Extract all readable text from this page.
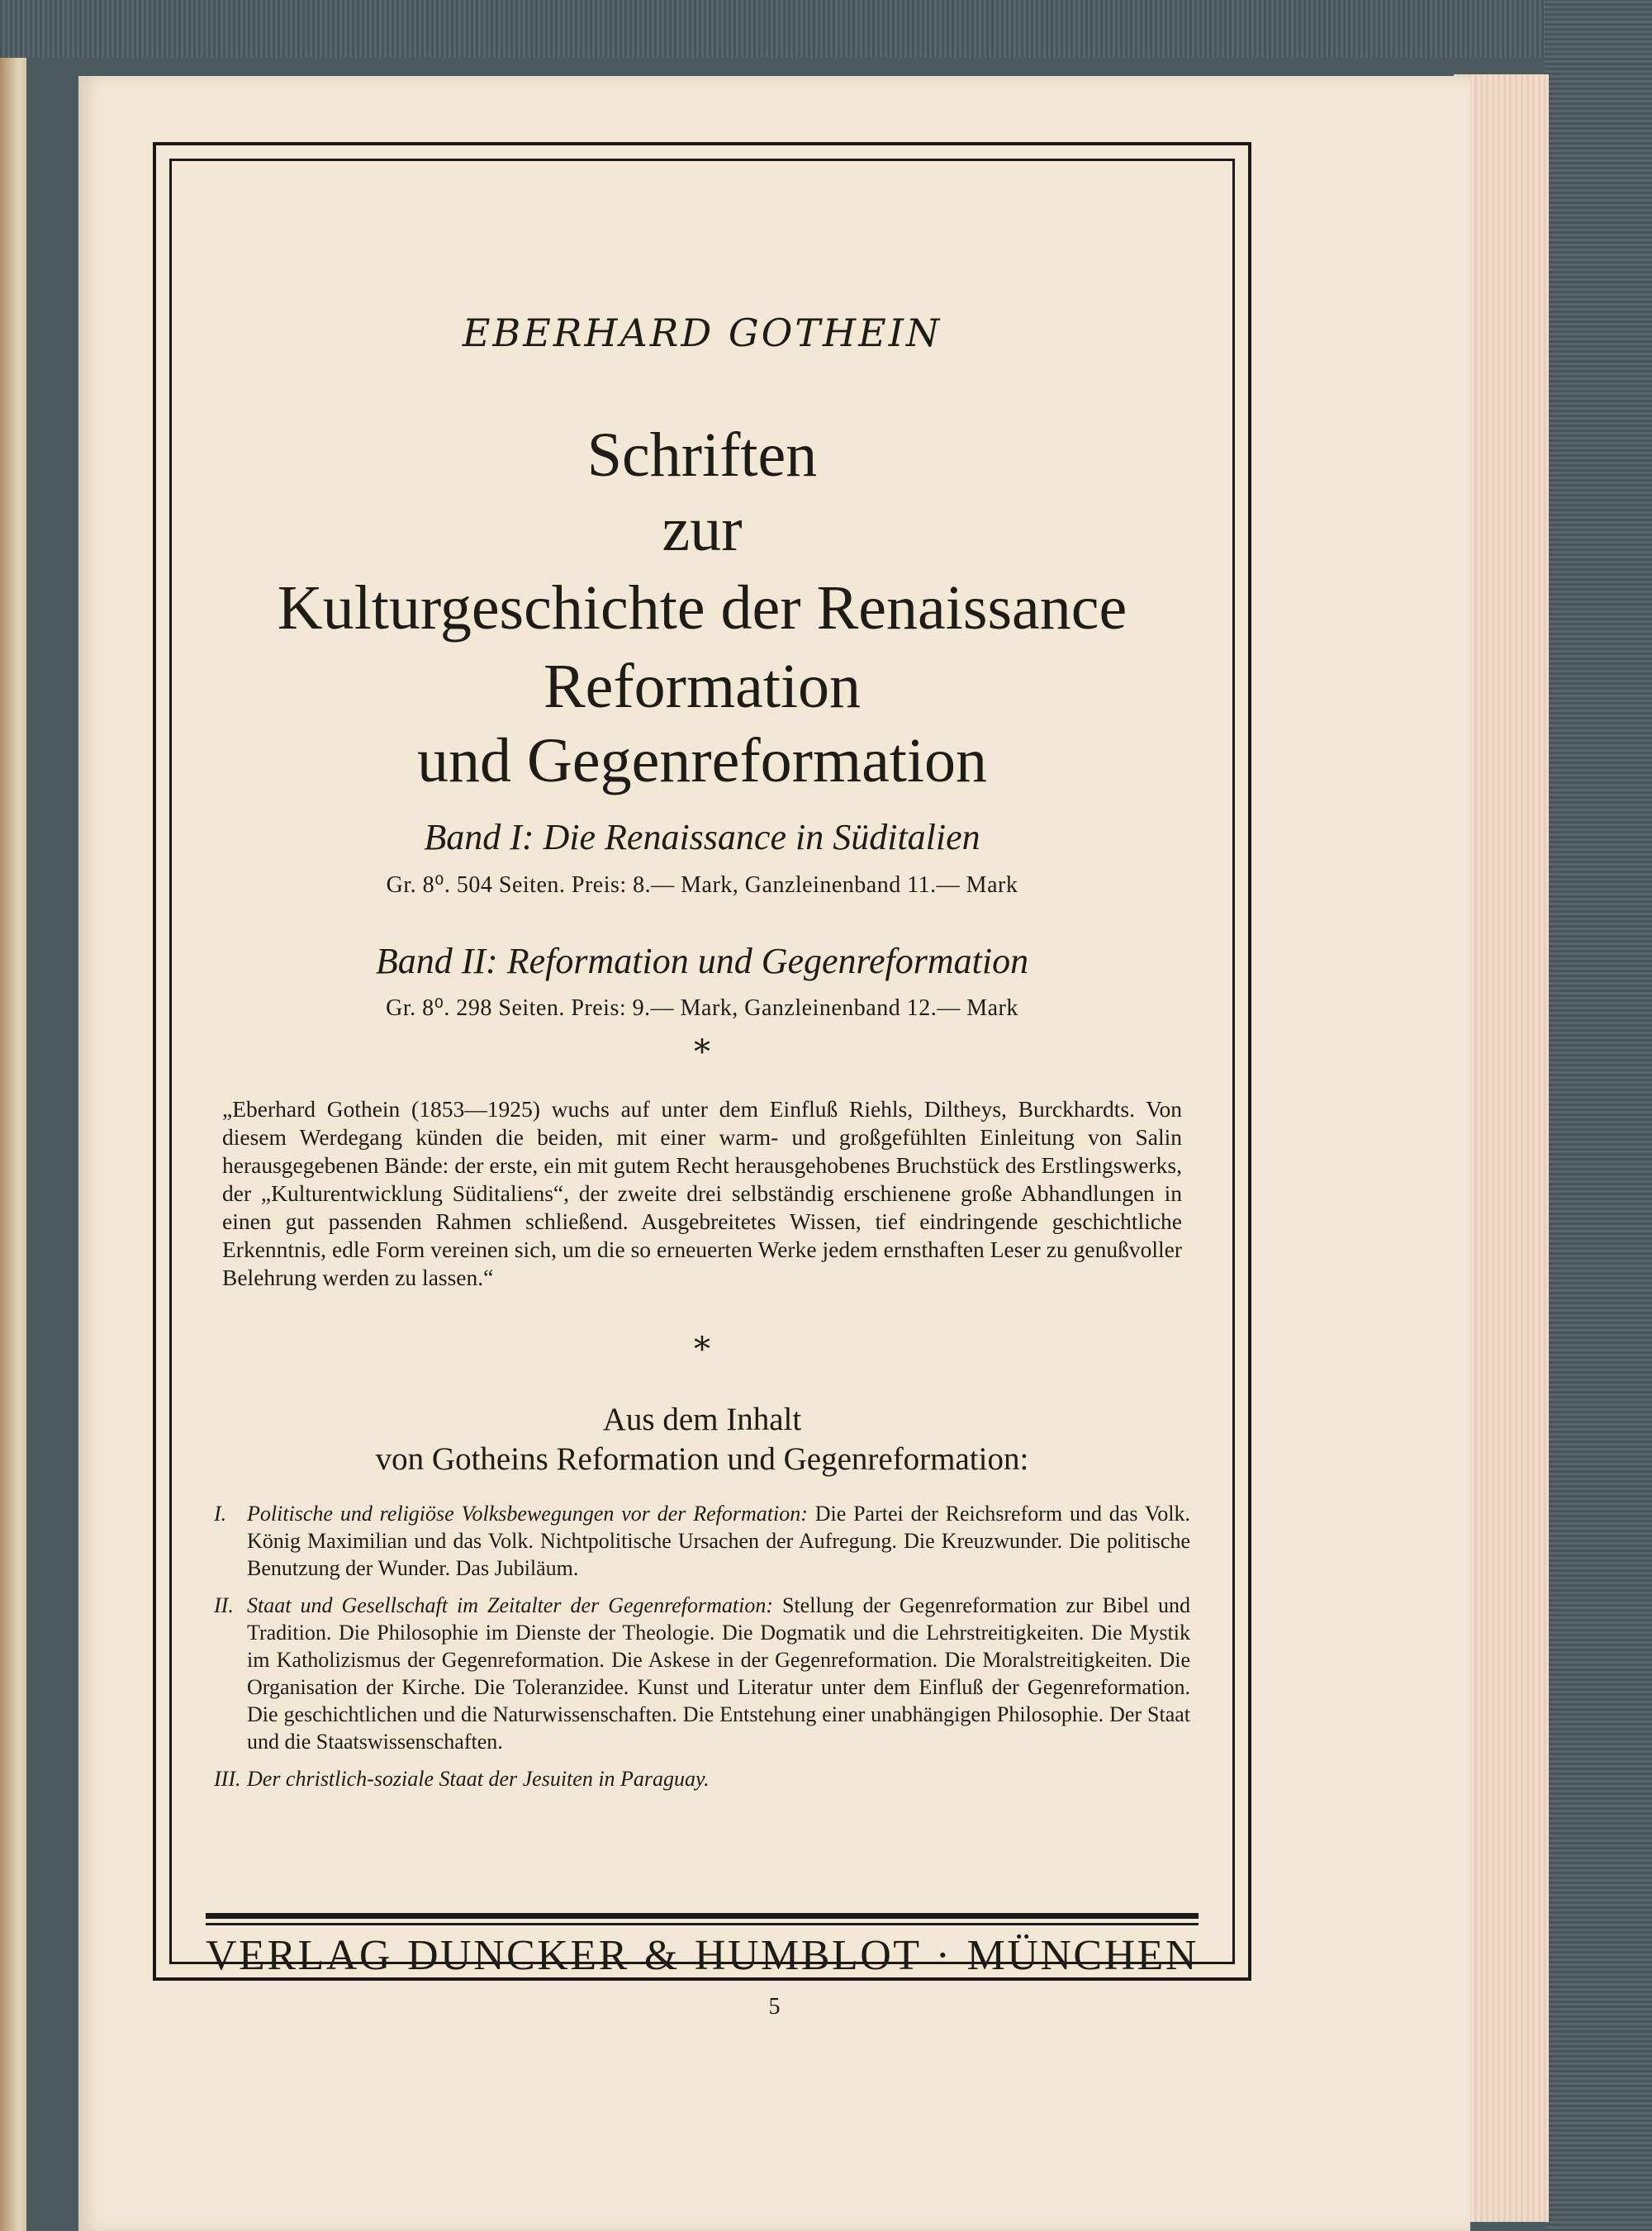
EBERHARD GOTHEIN
Schriften
zur
Kulturgeschichte der Renaissance
Reformation
und Gegenreformation
Band I: Die Renaissance in Süditalien
Gr. 8⁰. 504 Seiten. Preis: 8.— Mark, Ganzleinenband 11.— Mark
Band II: Reformation und Gegenreformation
Gr. 8⁰. 298 Seiten. Preis: 9.— Mark, Ganzleinenband 12.— Mark
*

„Eberhard Gothein (1853—1925) wuchs auf unter dem Einfluß Riehls, Diltheys, Burckhardts. Von diesem Werdegang künden die beiden, mit einer warm- und großgefühlten Einleitung von Salin herausgegebenen Bände: der erste, ein mit gutem Recht herausgehobenes Bruchstück des Erstlingswerks, der „Kulturentwicklung Süditaliens“, der zweite drei selbständig erschienene große Abhandlungen in einen gut passenden Rahmen schließend. Ausgebreitetes Wissen, tief eindringende geschichtliche Erkenntnis, edle Form vereinen sich, um die so erneuerten Werke jedem ernsthaften Leser zu genußvoller Belehrung werden zu lassen.“

*
Aus dem Inhalt
von Gotheins Reformation und Gegenreformation:
I. Politische und religiöse Volksbewegungen vor der Reformation: Die Partei der Reichsreform und das Volk. König Maximilian und das Volk. Nichtpolitische Ursachen der Aufregung. Die Kreuzwunder. Die politische Benutzung der Wunder. Das Jubiläum.
II. Staat und Gesellschaft im Zeitalter der Gegenreformation: Stellung der Gegenreformation zur Bibel und Tradition. Die Philosophie im Dienste der Theologie. Die Dogmatik und die Lehrstreitigkeiten. Die Mystik im Katholizismus der Gegenreformation. Die Askese in der Gegenreformation. Die Moralstreitigkeiten. Die Organisation der Kirche. Die Toleranzidee. Kunst und Literatur unter dem Einfluß der Gegenreformation. Die geschichtlichen und die Naturwissenschaften. Die Entstehung einer unabhängigen Philosophie. Der Staat und die Staatswissenschaften.
III. Der christlich-soziale Staat der Jesuiten in Paraguay.
VERLAG DUNCKER & HUMBLOT · MÜNCHEN
5
